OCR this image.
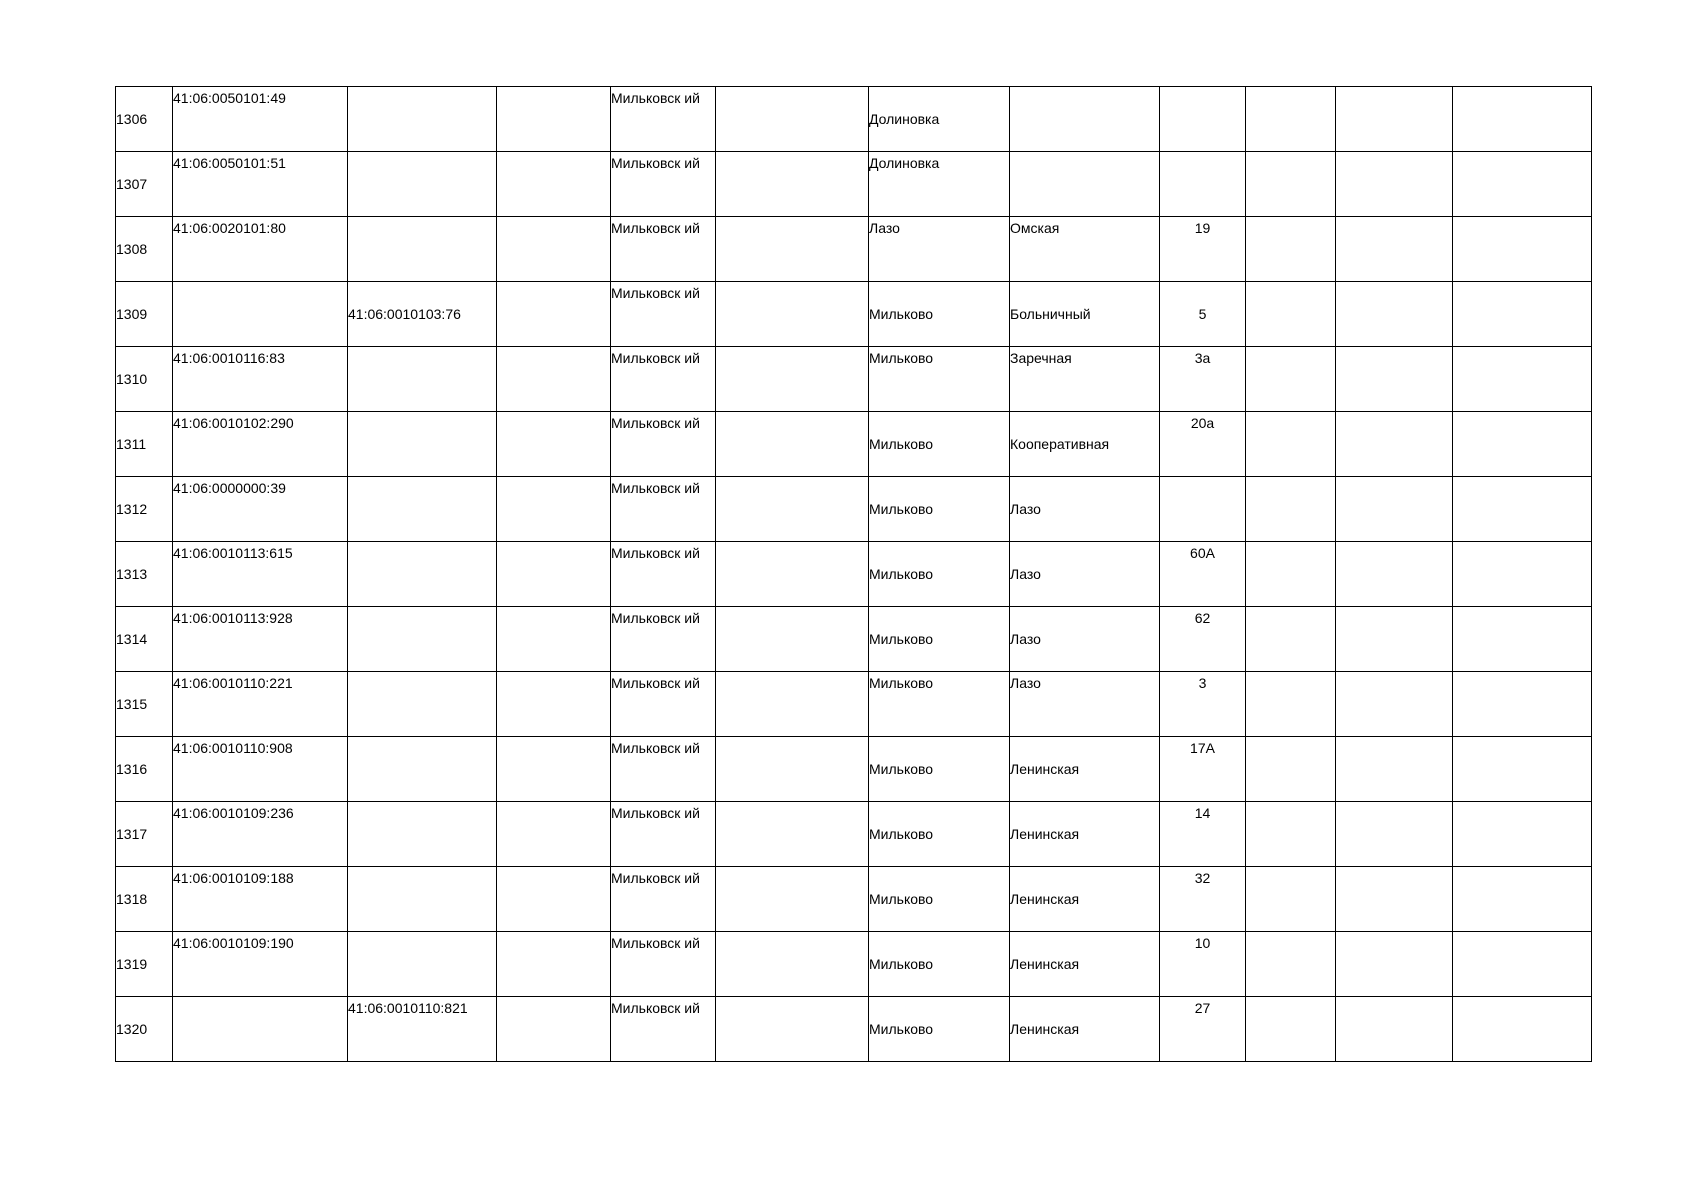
1306	41:06:0050101:49			Мильковск ий		Долиновка					
1307	41:06:0050101:51			Мильковск ий		Долиновка					
1308	41:06:0020101:80			Мильковск ий		Лазо	Омская	19			
1309		41:06:0010103:76		Мильковск ий		Мильково	Больничный	5			
1310	41:06:0010116:83			Мильковск ий		Мильково	Заречная	3а			
1311	41:06:0010102:290			Мильковск ий		Мильково	Кооперативная	20а			
1312	41:06:0000000:39			Мильковск ий		Мильково	Лазо				
1313	41:06:0010113:615			Мильковск ий		Мильково	Лазо	60А			
1314	41:06:0010113:928			Мильковск ий		Мильково	Лазо	62			
1315	41:06:0010110:221			Мильковск ий		Мильково	Лазо	3			
1316	41:06:0010110:908			Мильковск ий		Мильково	Ленинская	17А			
1317	41:06:0010109:236			Мильковск ий		Мильково	Ленинская	14			
1318	41:06:0010109:188			Мильковск ий		Мильково	Ленинская	32			
1319	41:06:0010109:190			Мильковск ий		Мильково	Ленинская	10			
1320		41:06:0010110:821		Мильковск ий		Мильково	Ленинская	27			
